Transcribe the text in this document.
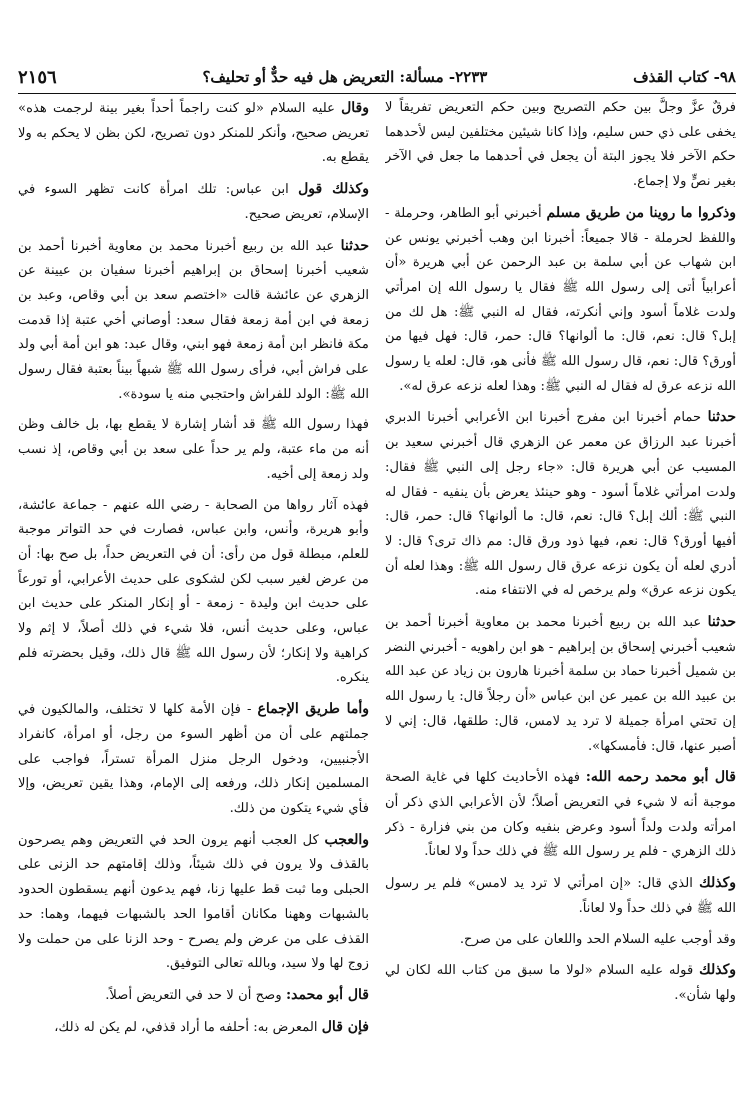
٩٨- كتاب القذف
٢٢٣٣- مسألة: التعريض هل فيه حدٌّ أو تحليف؟
٢١٥٦

فرقٌ عزَّ وجلَّ بين حكم التصريح وبين حكم التعريض تفريقاً لا يخفى على ذي حس سليم، وإذا كانا شيئين مختلفين ليس لأحدهما حكم الآخر فلا يجوز البتة أن يجعل في أحدهما ما جعل في الآخر بغير نصٍّ ولا إجماع.

وذكروا ما روينا من طريق مسلم أخبرني أبو الطاهر، وحرملة - واللفظ لحرملة - قالا جميعاً: أخبرنا ابن وهب أخبرني يونس عن ابن شهاب عن أبي سلمة بن عبد الرحمن عن أبي هريرة «أن أعرابياً أتى إلى رسول الله ﷺ فقال يا رسول الله إن امرأتي ولدت غلاماً أسود وإني أنكرته، فقال له النبي ﷺ: هل لك من إبل؟ قال: نعم، قال: ما ألوانها؟ قال: حمر، قال: فهل فيها من أورق؟ قال: نعم، قال رسول الله ﷺ فأنى هو، قال: لعله يا رسول الله نزعه عرق له فقال له النبي ﷺ: وهذا لعله نزعه عرق له».

حدثنا حمام أخبرنا ابن مفرج أخبرنا ابن الأعرابي أخبرنا الدبري أخبرنا عبد الرزاق عن معمر عن الزهري قال أخبرني سعيد بن المسيب عن أبي هريرة قال: «جاء رجل إلى النبي ﷺ فقال: ولدت امرأتي غلاماً أسود - وهو حينئذ يعرض بأن ينفيه - فقال له النبي ﷺ: ألك إبل؟ قال: نعم، قال: ما ألوانها؟ قال: حمر، قال: أفيها أورق؟ قال: نعم، فيها ذود ورق قال: مم ذاك ترى؟ قال: لا أدري لعله أن يكون نزعه عرق قال رسول الله ﷺ: وهذا لعله أن يكون نزعه عرق» ولم يرخص له في الانتفاء منه.

حدثنا عبد الله بن ربيع أخبرنا محمد بن معاوية أخبرنا أحمد بن شعيب أخبرني إسحاق بن إبراهيم - هو ابن راهويه - أخبرني النضر بن شميل أخبرنا حماد بن سلمة أخبرنا هارون بن زياد عن عبد الله بن عبيد الله بن عمير عن ابن عباس «أن رجلاً قال: يا رسول الله إن تحتي امرأة جميلة لا ترد يد لامس، قال: طلقها، قال: إني لا أصبر عنها، قال: فأمسكها».

قال أبو محمد رحمه الله: فهذه الأحاديث كلها في غاية الصحة موجبة أنه لا شيء في التعريض أصلاً؛ لأن الأعرابي الذي ذكر أن امرأته ولدت ولداً أسود وعرض بنفيه وكان من بني فزارة - ذكر ذلك الزهري - فلم ير رسول الله ﷺ في ذلك حداً ولا لعاناً.

وكذلك الذي قال: «إن امرأتي لا ترد يد لامس» فلم ير رسول الله ﷺ في ذلك حداً ولا لعاناً.

وقد أوجب عليه السلام الحد واللعان على من صرح.

وكذلك قوله عليه السلام «لولا ما سبق من كتاب الله لكان لي ولها شأن».

وقال عليه السلام «لو كنت راجماً أحداً بغير بينة لرجمت هذه» تعريض صحيح، وأنكر للمنكر دون تصريح، لكن بظن لا يحكم به ولا يقطع به.

وكذلك قول ابن عباس: تلك امرأة كانت تظهر السوء في الإسلام، تعريض صحيح.

حدثنا عبد الله بن ربيع أخبرنا محمد بن معاوية أخبرنا أحمد بن شعيب أخبرنا إسحاق بن إبراهيم أخبرنا سفيان بن عيينة عن الزهري عن عائشة قالت «اختصم سعد بن أبي وقاص، وعبد بن زمعة في ابن أمة زمعة فقال سعد: أوصاني أخي عتبة إذا قدمت مكة فانظر ابن أمة زمعة فهو ابني، وقال عبد: هو ابن أمة أبي ولد على فراش أبي، فرأى رسول الله ﷺ شبهاً بيناً بعتبة فقال رسول الله ﷺ: الولد للفراش واحتجبي منه يا سودة».

فهذا رسول الله ﷺ قد أشار إشارة لا يقطع بها، بل خالف وظن أنه من ماء عتبة، ولم ير حداً على سعد بن أبي وقاص، إذ نسب ولد زمعة إلى أخيه.

فهذه آثار رواها من الصحابة - رضي الله عنهم - جماعة عائشة، وأبو هريرة، وأنس، وابن عباس، فصارت في حد التواتر موجبة للعلم، مبطلة قول من رأى: أن في التعريض حداً، بل صح بها: أن من عرض لغير سبب لكن لشكوى على حديث الأعرابي، أو تورعاً على حديث ابن وليدة - زمعة - أو إنكار المنكر على حديث ابن عباس، وعلى حديث أنس، فلا شيء في ذلك أصلاً، لا إثم ولا كراهية ولا إنكار؛ لأن رسول الله ﷺ قال ذلك، وقيل بحضرته فلم ينكره.

وأما طريق الإجماع - فإن الأمة كلها لا تختلف، والمالكيون في جملتهم على أن من أظهر السوء من رجل، أو امرأة، كانفراد الأجنبيين، ودخول الرجل منزل المرأة تستراً، فواجب على المسلمين إنكار ذلك، ورفعه إلى الإمام، وهذا يقين تعريض، وإلا فأي شيء يتكون من ذلك.

والعجب كل العجب أنهم يرون الحد في التعريض وهم يصرحون بالقذف ولا يرون في ذلك شيئاً، وذلك إقامتهم حد الزنى على الحبلى وما ثبت قط عليها زنا، فهم يدعون أنهم يسقطون الحدود بالشبهات وههنا مكانان أقاموا الحد بالشبهات فيهما، وهما: حد القذف على من عرض ولم يصرح - وحد الزنا على من حملت ولا زوج لها ولا سيد، وبالله تعالى التوفيق.

قال أبو محمد: وصح أن لا حد في التعريض أصلاً.

فإن قال المعرض به: أحلفه ما أراد قذفي، لم يكن له ذلك،
